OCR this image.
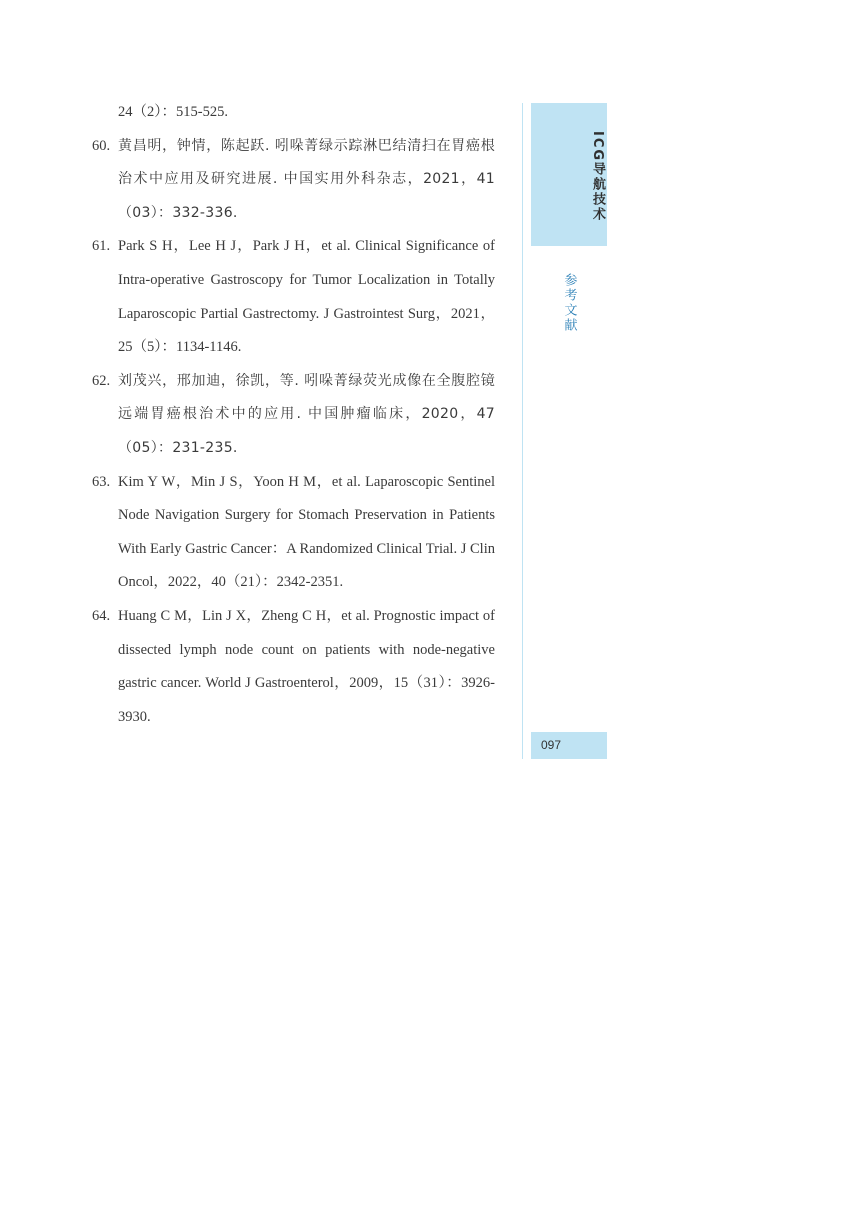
24（2）：515-525.
60. 黄昌明，钟情，陈起跃. 吲哚菁绿示踪淋巴结清扫在胃癌根治术中应用及研究进展. 中国实用外科杂志，2021，41（03）：332-336.
61. Park S H，Lee H J，Park J H，et al. Clinical Significance of Intra-operative Gastroscopy for Tumor Localization in Totally Laparoscopic Partial Gastrectomy. J Gastrointest Surg，2021，25（5）：1134-1146.
62. 刘茂兴，邢加迪，徐凯，等. 吲哚菁绿荧光成像在全腹腔镜远端胃癌根治术中的应用. 中国肿瘤临床，2020，47（05）：231-235.
63. Kim Y W，Min J S，Yoon H M，et al. Laparoscopic Sentinel Node Navigation Surgery for Stomach Preservation in Patients With Early Gastric Cancer：A Randomized Clinical Trial. J Clin Oncol，2022，40（21）：2342-2351.
64. Huang C M，Lin J X，Zheng C H，et al. Prognostic impact of dissected lymph node count on patients with node-negative gastric cancer. World J Gastroenterol，2009，15（31）：3926-3930.
ICG导航技术
参考文献
097
